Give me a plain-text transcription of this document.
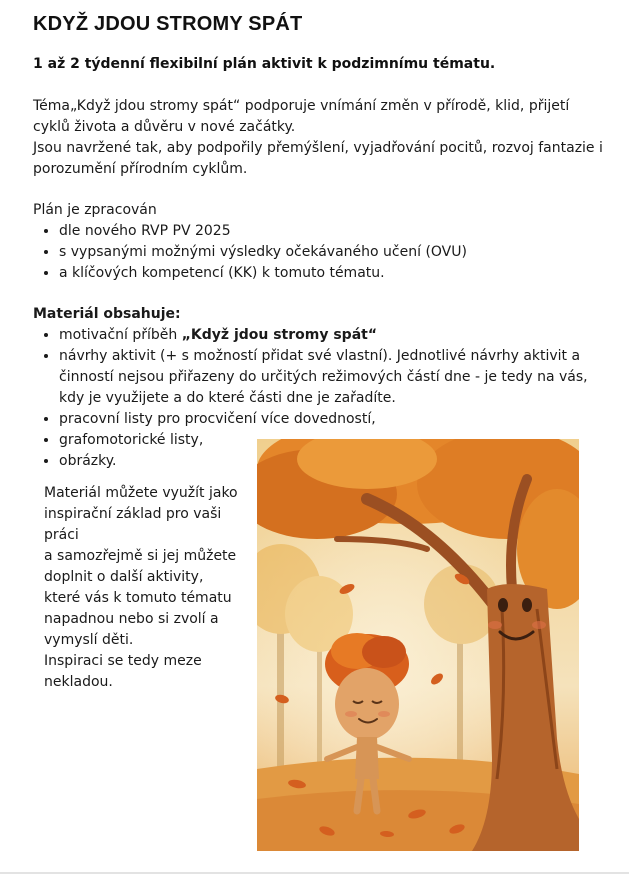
KDYŽ JDOU STROMY SPÁT

1 až 2 týdenní flexibilní plán aktivit k podzimnímu tématu.

Téma„Když jdou stromy spát“ podporuje vnímání změn v přírodě, klid, přijetí cyklů života a důvěru v nové začátky.
Jsou navržené tak, aby podpořily přemýšlení, vyjadřování pocitů, rozvoj fantazie i porozumění přírodním cyklům.

Plán je zpracován

• dle nového RVP PV 2025
• s vypsanými možnými výsledky očekávaného učení (OVU)
• a klíčových kompetencí (KK) k tomuto tématu.

Materiál obsahuje:

• motivační příběh „Když jdou stromy spát“
• návrhy aktivit (+ s možností přidat své vlastní). Jednotlivé návrhy aktivit a činností nejsou přiřazeny do určitých režimových částí dne - je tedy na vás, kdy je využijete a do které části dne je zařadíte.
• pracovní listy pro procvičení více dovedností,
• grafomotorické listy,
• obrázky.

Materiál můžete využít jako inspirační základ pro vaši práci
a samozřejmě si jej můžete doplnit o další aktivity, které vás k tomuto tématu napadnou nebo si zvolí a vymyslí děti.
Inspiraci se tedy meze nekladou.
